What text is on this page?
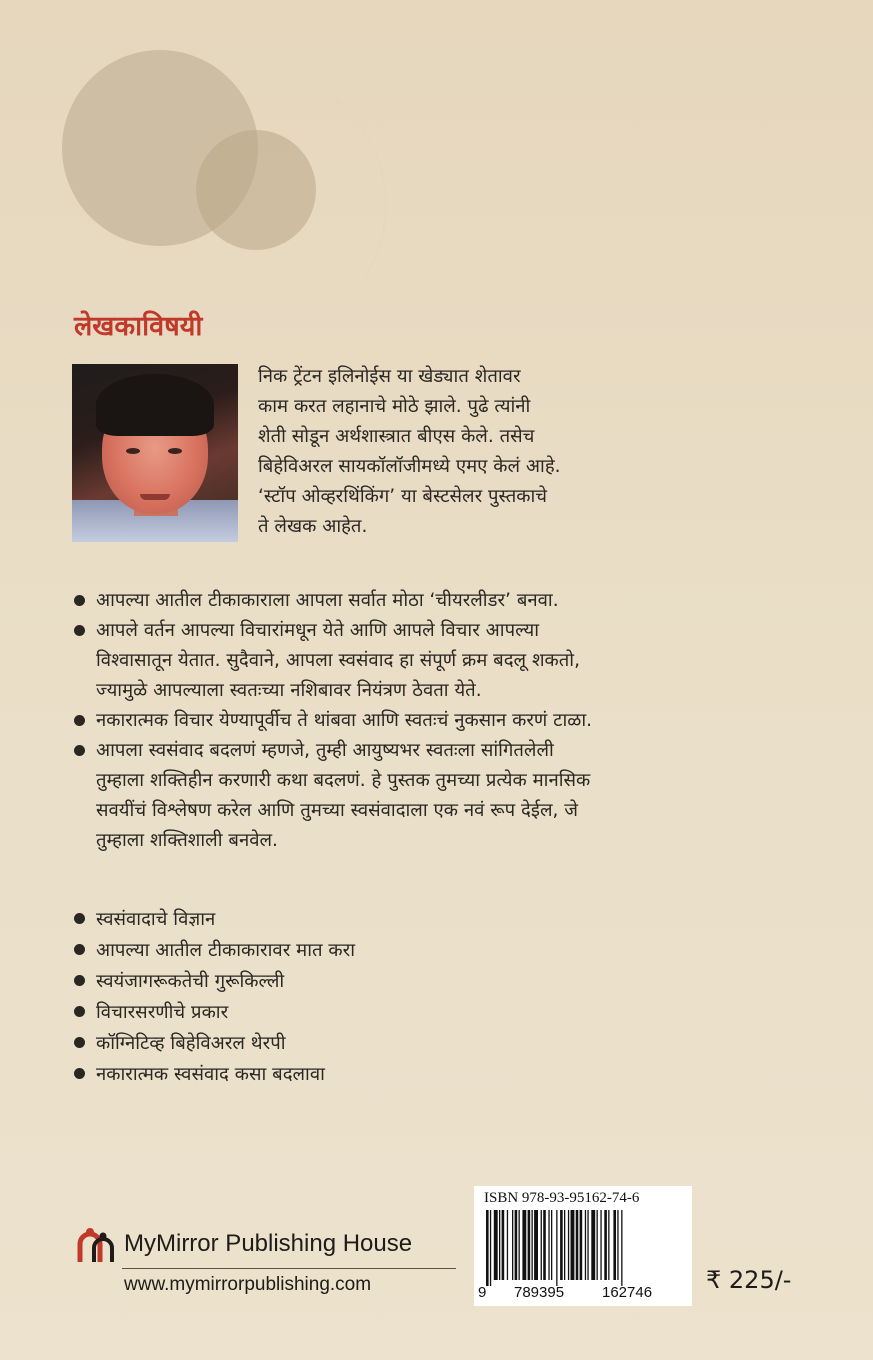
लेखकाविषयी
निक ट्रेंटन इलिनोईस या खेड्यात शेतावर
काम करत लहानाचे मोठे झाले. पुढे त्यांनी
शेती सोडून अर्थशास्त्रात बीएस केले. तसेच
बिहेविअरल सायकॉलॉजीमध्ये एमए केलं आहे.
‘स्टॉप ओव्हरथिंकिंग’ या बेस्टसेलर पुस्तकाचे
ते लेखक आहेत.
आपल्या आतील टीकाकाराला आपला सर्वात मोठा ‘चीयरलीडर’ बनवा.
आपले वर्तन आपल्या विचारांमधून येते आणि आपले विचार आपल्या
विश्वासातून येतात. सुदैवाने, आपला स्वसंवाद हा संपूर्ण क्रम बदलू शकतो,
ज्यामुळे आपल्याला स्वतःच्या नशिबावर नियंत्रण ठेवता येते.
नकारात्मक विचार येण्यापूर्वीच ते थांबवा आणि स्वतःचं नुकसान करणं टाळा.
आपला स्वसंवाद बदलणं म्हणजे, तुम्ही आयुष्यभर स्वतःला सांगितलेली
तुम्हाला शक्तिहीन करणारी कथा बदलणं. हे पुस्तक तुमच्या प्रत्येक मानसिक
सवयींचं विश्लेषण करेल आणि तुमच्या स्वसंवादाला एक नवं रूप देईल, जे
तुम्हाला शक्तिशाली बनवेल.
स्वसंवादाचे विज्ञान
आपल्या आतील टीकाकारावर मात करा
स्वयंजागरूकतेची गुरूकिल्ली
विचारसरणीचे प्रकार
कॉग्निटिव्ह बिहेविअरल थेरपी
नकारात्मक स्वसंवाद कसा बदलावा
MyMirror Publishing House
www.mymirrorpublishing.com
ISBN 978-93-95162-74-6
9 789395	162746 ₹ 225/-
